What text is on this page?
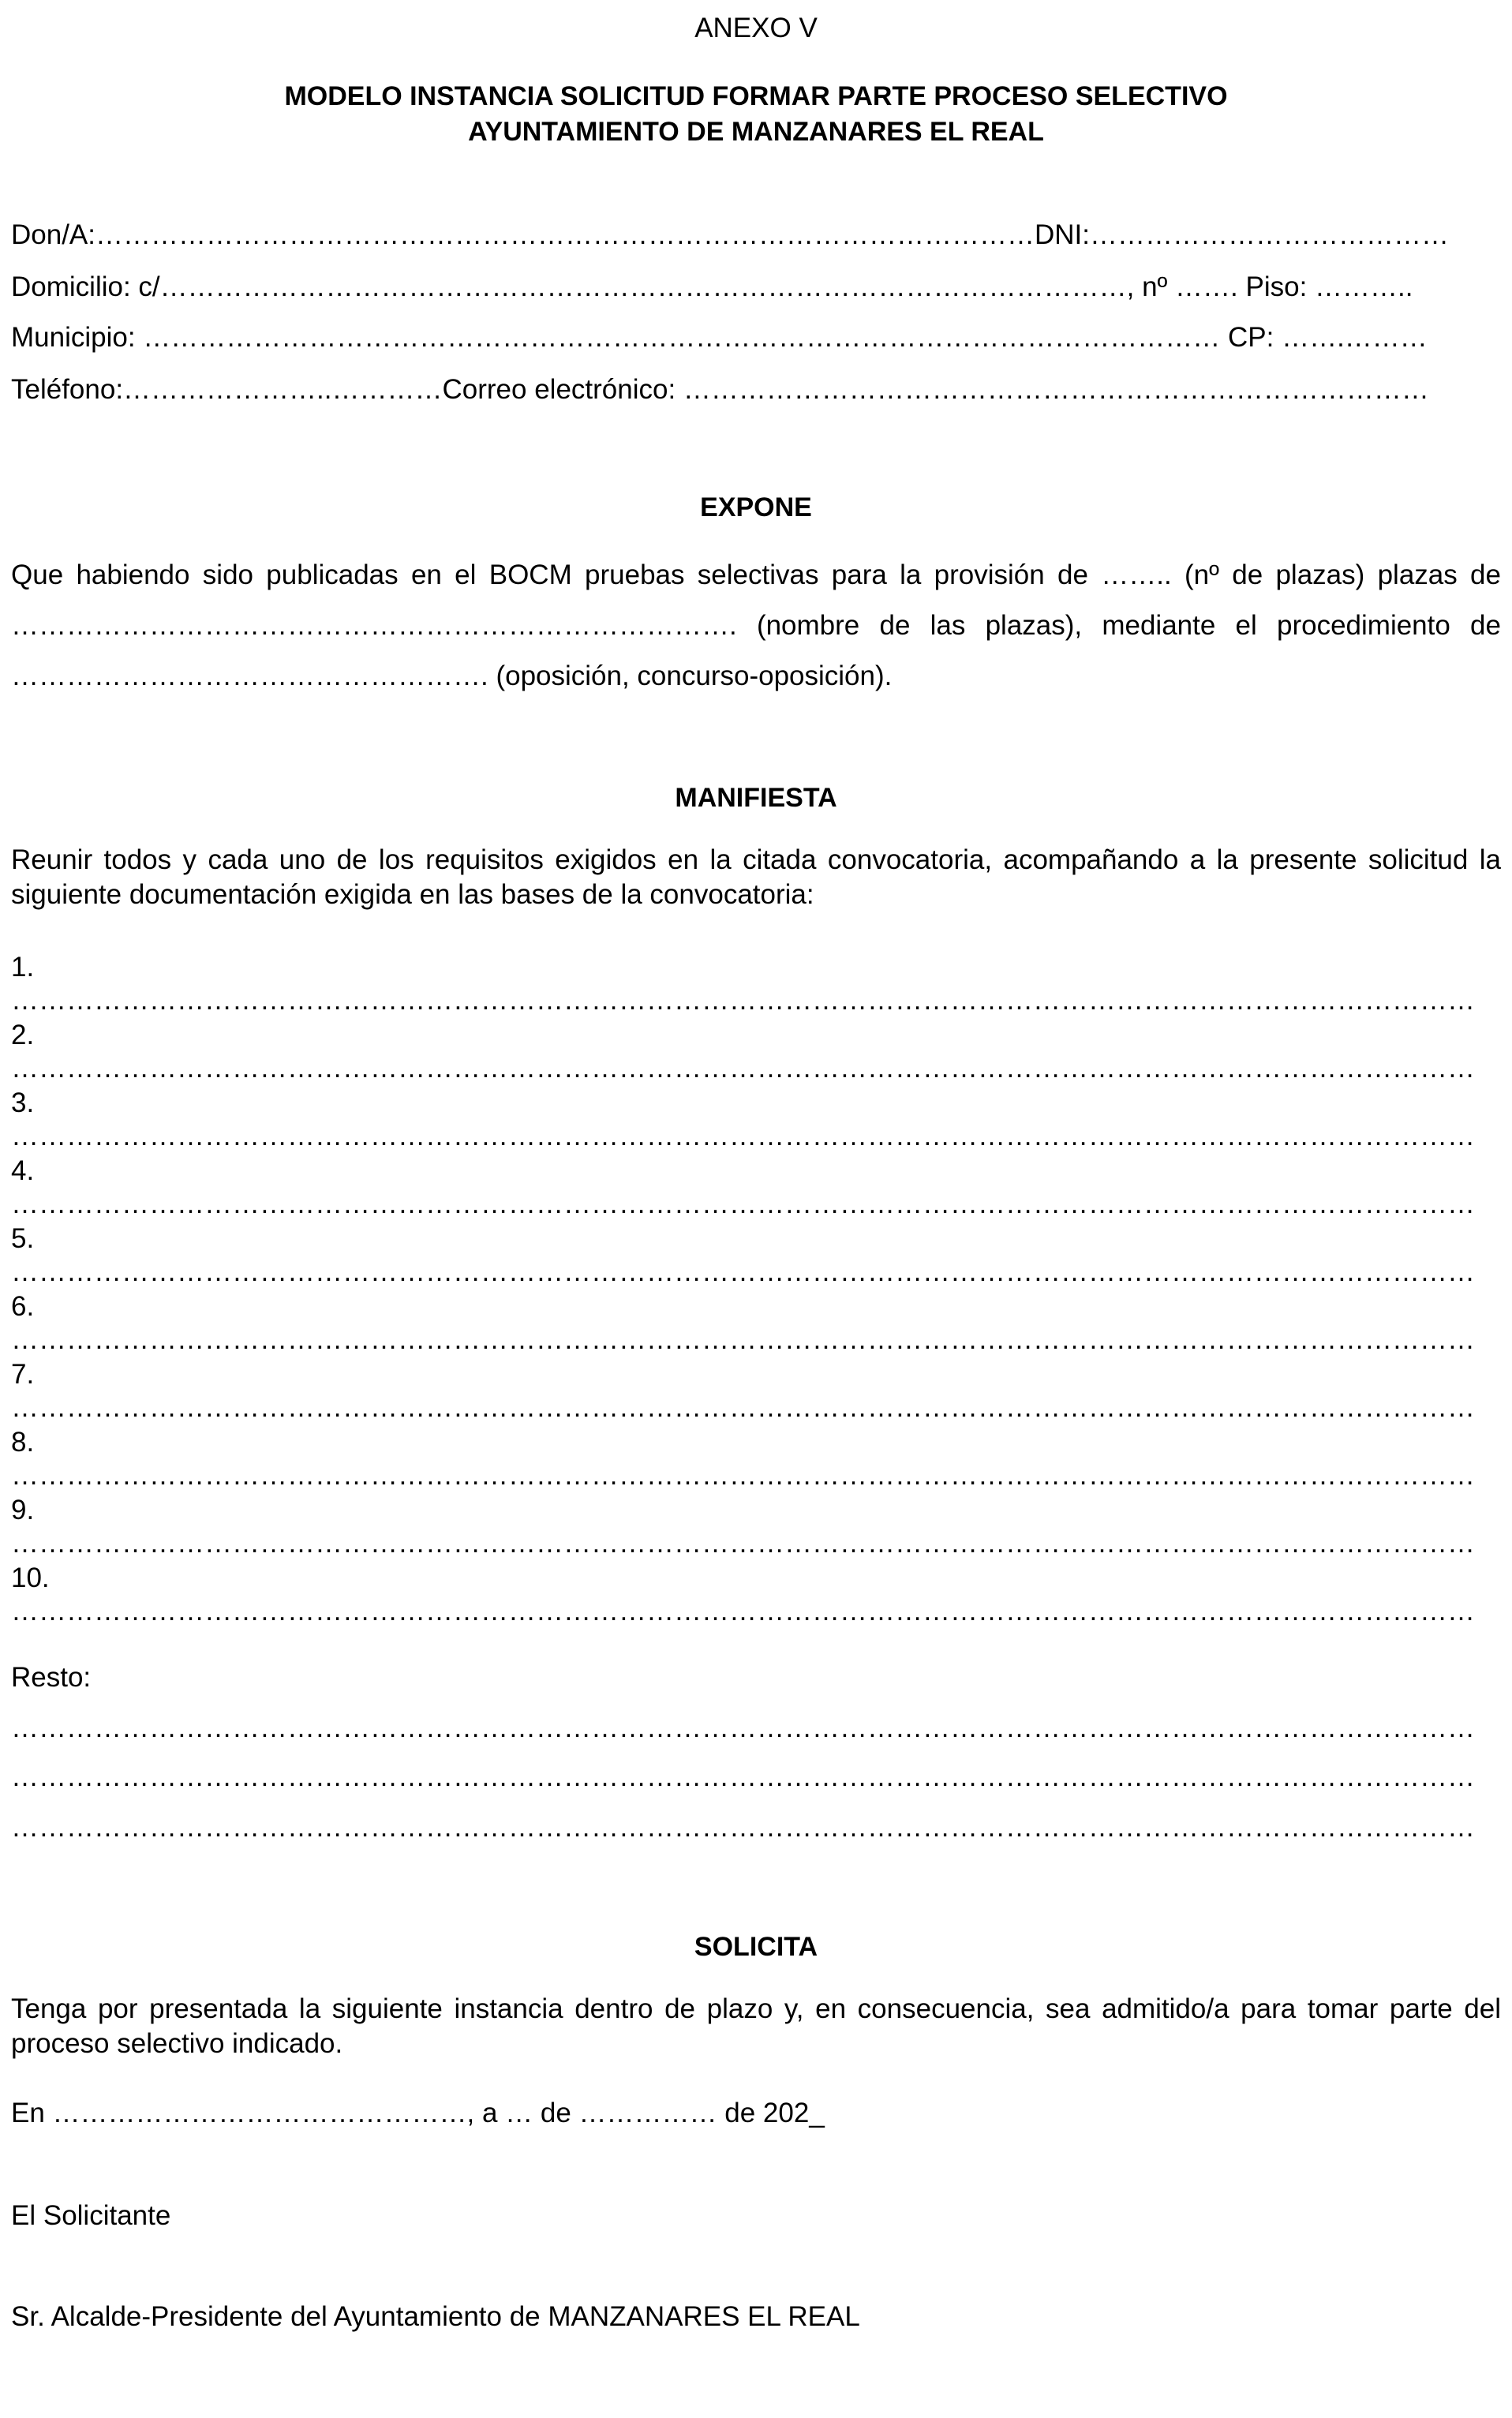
ANEXO V
MODELO INSTANCIA SOLICITUD FORMAR PARTE PROCESO SELECTIVO
AYUNTAMIENTO DE MANZANARES EL REAL
Don/A:…………………………………………………………………………………………DNI:…………………………………
Domicilio: c/……………………………………………………………………………………………, nº ……. Piso: ………..
Municipio: ……………………………………………………………………………………………………… CP: …….………
Teléfono:…………………..…………Correo electrónico: ………………………………………………………………………
EXPONE
Que habiendo sido publicadas en el BOCM pruebas selectivas para la provisión de …….. (nº de plazas) plazas de ……………………………………………………………………. (nombre de las plazas), mediante el procedimiento de ……………………………………………. (oposición, concurso-oposición).
MANIFIESTA
Reunir todos y cada uno de los requisitos exigidos en la citada convocatoria, acompañando a la presente solicitud la siguiente documentación exigida en las bases de la convocatoria:
1.
……………………………………………………………………………………………………………………………………………
2.
……………………………………………………………………………………………………………………………………………
3.
……………………………………………………………………………………………………………………………………………
4.
……………………………………………………………………………………………………………………………………………
5.
……………………………………………………………………………………………………………………………………………
6.
……………………………………………………………………………………………………………………………………………
7.
……………………………………………………………………………………………………………………………………………
8.
……………………………………………………………………………………………………………………………………………
9.
……………………………………………………………………………………………………………………………………………
10.
……………………………………………………………………………………………………………………………………………
Resto:
……………………………………………………………………………………………………………………………………………
……………………………………………………………………………………………………………………………………………
……………………………………………………………………………………………………………………………………………
SOLICITA
Tenga por presentada la siguiente instancia dentro de plazo y, en consecuencia, sea admitido/a para tomar parte del proceso selectivo indicado.
En ………………………………………, a … de …………… de 202_
El Solicitante
Sr. Alcalde-Presidente del Ayuntamiento de MANZANARES EL REAL
